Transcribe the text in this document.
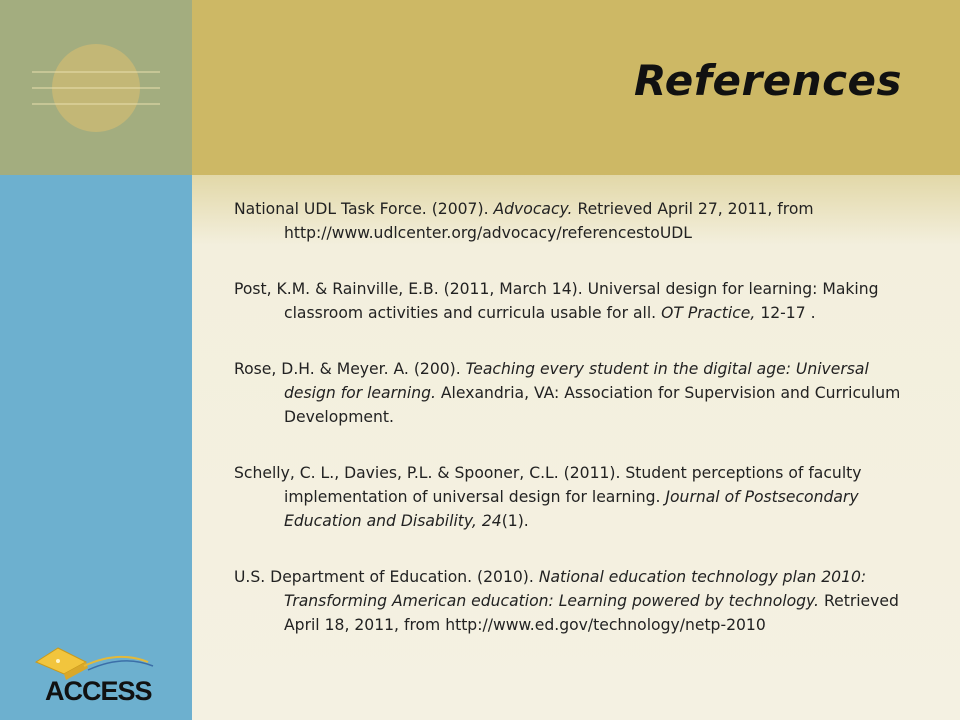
References

National UDL Task Force. (2007). Advocacy. Retrieved April 27, 2011, from http://www.udlcenter.org/advocacy/referencestoUDL

Post, K.M. & Rainville, E.B. (2011, March 14). Universal design for learning: Making classroom activities and curricula usable for all. OT Practice, 12-17 .

Rose, D.H. & Meyer. A. (200). Teaching every student in the digital age: Universal design for learning. Alexandria, VA: Association for Supervision and Curriculum Development.

Schelly, C. L., Davies, P.L. & Spooner, C.L. (2011). Student perceptions of faculty implementation of universal design for learning. Journal of Postsecondary Education and Disability, 24(1).

U.S. Department of Education. (2010). National education technology plan 2010: Transforming American education: Learning powered by technology. Retrieved April 18, 2011, from http://www.ed.gov/technology/netp-2010

ACCESS
